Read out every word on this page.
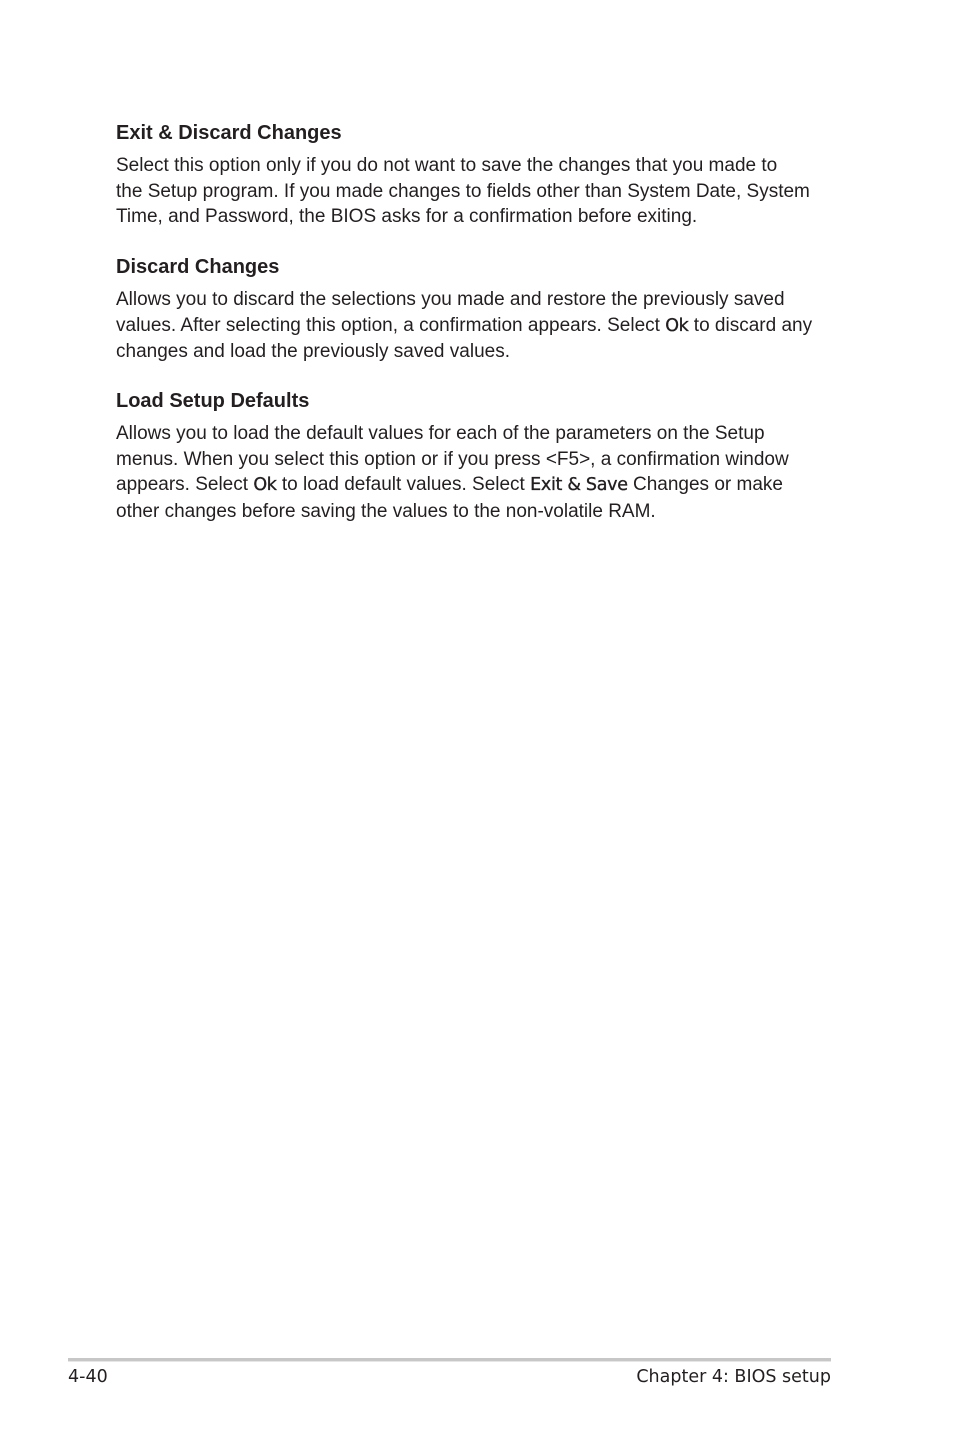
Exit & Discard Changes

Select this option only if you do not want to save the changes that you made to
the Setup program. If you made changes to fields other than System Date, System
Time, and Password, the BIOS asks for a confirmation before exiting.

Discard Changes

Allows you to discard the selections you made and restore the previously saved
values. After selecting this option, a confirmation appears. Select Ok to discard any
changes and load the previously saved values.

Load Setup Defaults

Allows you to load the default values for each of the parameters on the Setup
menus. When you select this option or if you press <F5>, a confirmation window
appears. Select Ok to load default values. Select Exit & Save Changes or make
other changes before saving the values to the non-volatile RAM.

4-40	Chapter 4: BIOS setup
